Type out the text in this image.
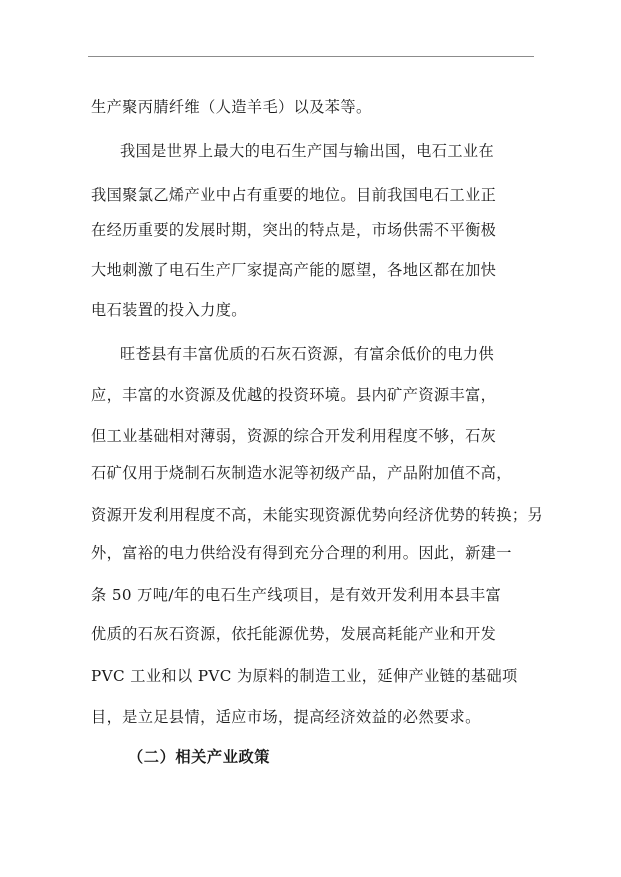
生产聚丙腈纤维（人造羊毛）以及苯等。
我国是世界上最大的电石生产国与输出国，电石工业在
我国聚氯乙烯产业中占有重要的地位。目前我国电石工业正
在经历重要的发展时期，突出的特点是，市场供需不平衡极
大地刺激了电石生产厂家提高产能的愿望，各地区都在加快
电石装置的投入力度。
旺苍县有丰富优质的石灰石资源，有富余低价的电力供
应，丰富的水资源及优越的投资环境。县内矿产资源丰富，
但工业基础相对薄弱，资源的综合开发利用程度不够，石灰
石矿仅用于烧制石灰制造水泥等初级产品，产品附加值不高，
资源开发利用程度不高，未能实现资源优势向经济优势的转换；另
外，富裕的电力供给没有得到充分合理的利用。因此，新建一
条 50 万吨/年的电石生产线项目，是有效开发利用本县丰富
优质的石灰石资源，依托能源优势，发展高耗能产业和开发
PVC 工业和以 PVC 为原料的制造工业，延伸产业链的基础项
目，是立足县情，适应市场，提高经济效益的必然要求。
（二）相关产业政策
